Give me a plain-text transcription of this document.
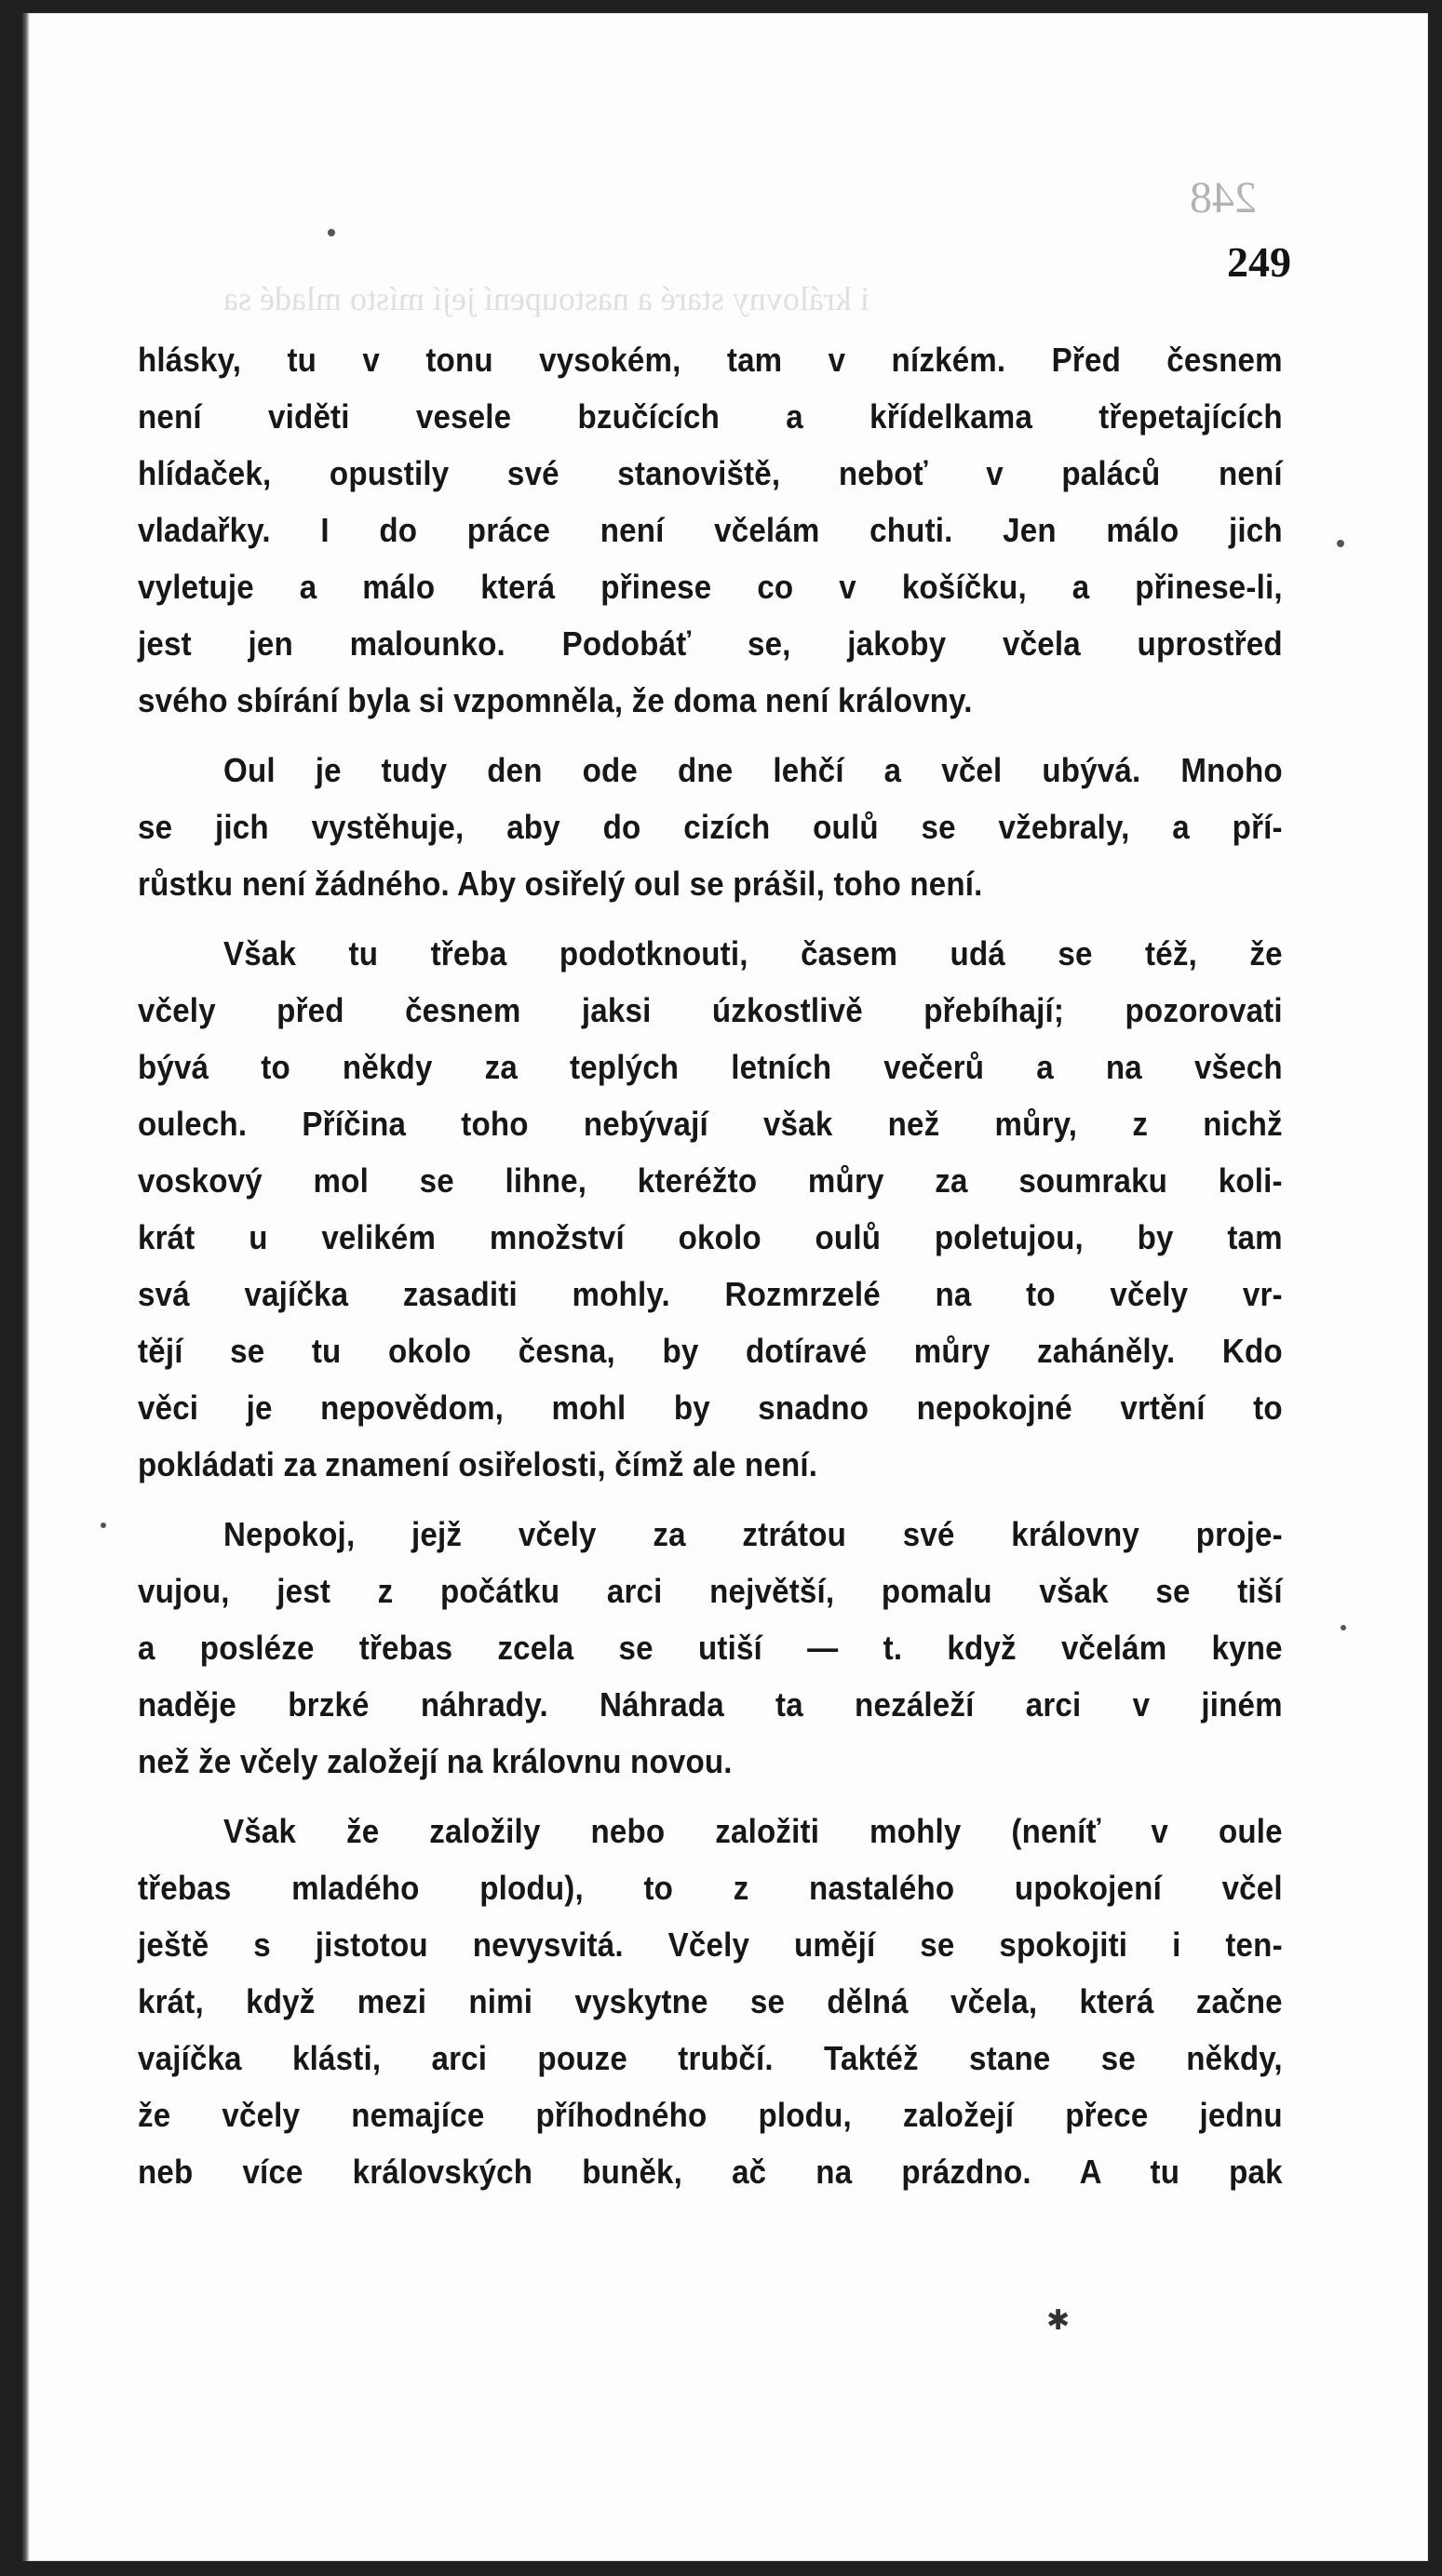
248
i královny staré a nastoupení její místo mladé sa
249
hlásky, tu v tonu vysokém, tam v nízkém. Před česnem
není viděti vesele bzučících a křídelkama třepetajících
hlídaček, opustily své stanoviště, neboť v paláců není
vladařky. I do práce není včelám chuti. Jen málo jich
vyletuje a málo která přinese co v košíčku, a přinese-li,
jest jen malounko. Podobáť se, jakoby včela uprostřed
svého sbírání byla si vzpomněla, že doma není královny.
Oul je tudy den ode dne lehčí a včel ubývá. Mnoho
se jich vystěhuje, aby do cizích oulů se vžebraly, a pří-
růstku není žádného. Aby osiřelý oul se prášil, toho není.
Však tu třeba podotknouti, časem udá se též, že
včely před česnem jaksi úzkostlivě přebíhají; pozorovati
bývá to někdy za teplých letních večerů a na všech
oulech. Příčina toho nebývají však než můry, z nichž
voskový mol se lihne, kteréžto můry za soumraku koli-
krát u velikém množství okolo oulů poletujou, by tam
svá vajíčka zasaditi mohly. Rozmrzelé na to včely vr-
tějí se tu okolo česna, by dotíravé můry zaháněly. Kdo
věci je nepovědom, mohl by snadno nepokojné vrtění to
pokládati za znamení osiřelosti, čímž ale není.
Nepokoj, jejž včely za ztrátou své královny proje-
vujou, jest z počátku arci největší, pomalu však se tiší
a posléze třebas zcela se utiší — t. když včelám kyne
naděje brzké náhrady. Náhrada ta nezáleží arci v jiném
než že včely založejí na královnu novou.
Však že založily nebo založiti mohly (neníť v oule
třebas mladého plodu), to z nastalého upokojení včel
ještě s jistotou nevysvitá. Včely umějí se spokojiti i ten-
krát, když mezi nimi vyskytne se dělná včela, která začne
vajíčka klásti, arci pouze trubčí. Taktéž stane se někdy,
že včely nemajíce příhodného plodu, založejí přece jednu
neb více královských buněk, ač na prázdno. A tu pak
✱
